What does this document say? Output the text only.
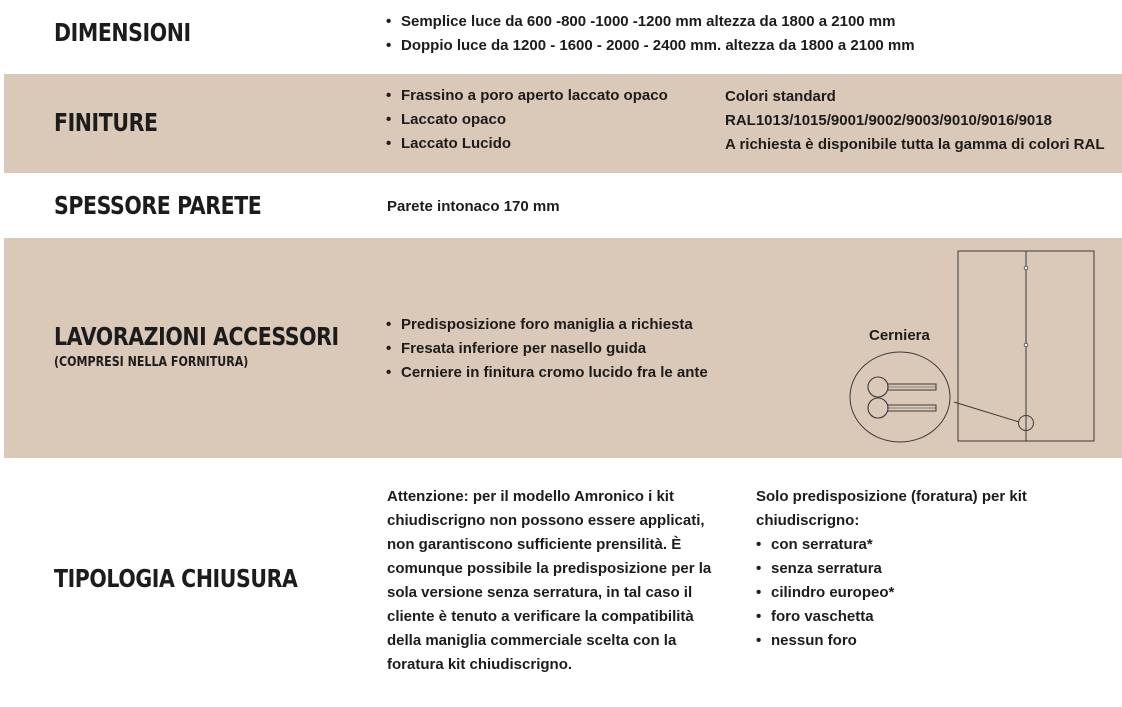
DIMENSIONI
•	Semplice luce da 600 -800 -1000 -1200 mm altezza da 1800 a 2100 mm
• Doppio luce da 1200 - 1600 - 2000 - 2400 mm. altezza da 1800 a 2100 mm
FINITURE
• Frassino a poro aperto laccato opaco
• Laccato opaco
• Laccato Lucido
Colori standard
RAL1013/1015/9001/9002/9003/9010/9016/9018
A richiesta è disponibile tutta la gamma di colori RAL
SPESSORE PARETE	Parete intonaco 170 mm
LAVORAZIONI ACCESSORI
(COMPRESI NELLA FORNITURA)
• Predisposizione foro maniglia a richiesta
• Fresata inferiore per nasello guida
• Cerniere in finitura cromo lucido fra le ante
Cerniera
TIPOLOGIA CHIUSURA
Attenzione: per il modello Amronico i kit
chiudiscrigno non possono essere applicati,
non garantiscono sufficiente prensilità. È
comunque possibile la predisposizione per la
sola versione senza serratura, in tal caso il
cliente è tenuto a verificare la compatibilità
della maniglia commerciale scelta con la
foratura kit chiudiscrigno.
Solo predisposizione (foratura) per kit
chiudiscrigno:
• con serratura*
• senza serratura
• cilindro europeo*
• foro vaschetta
• nessun foro
